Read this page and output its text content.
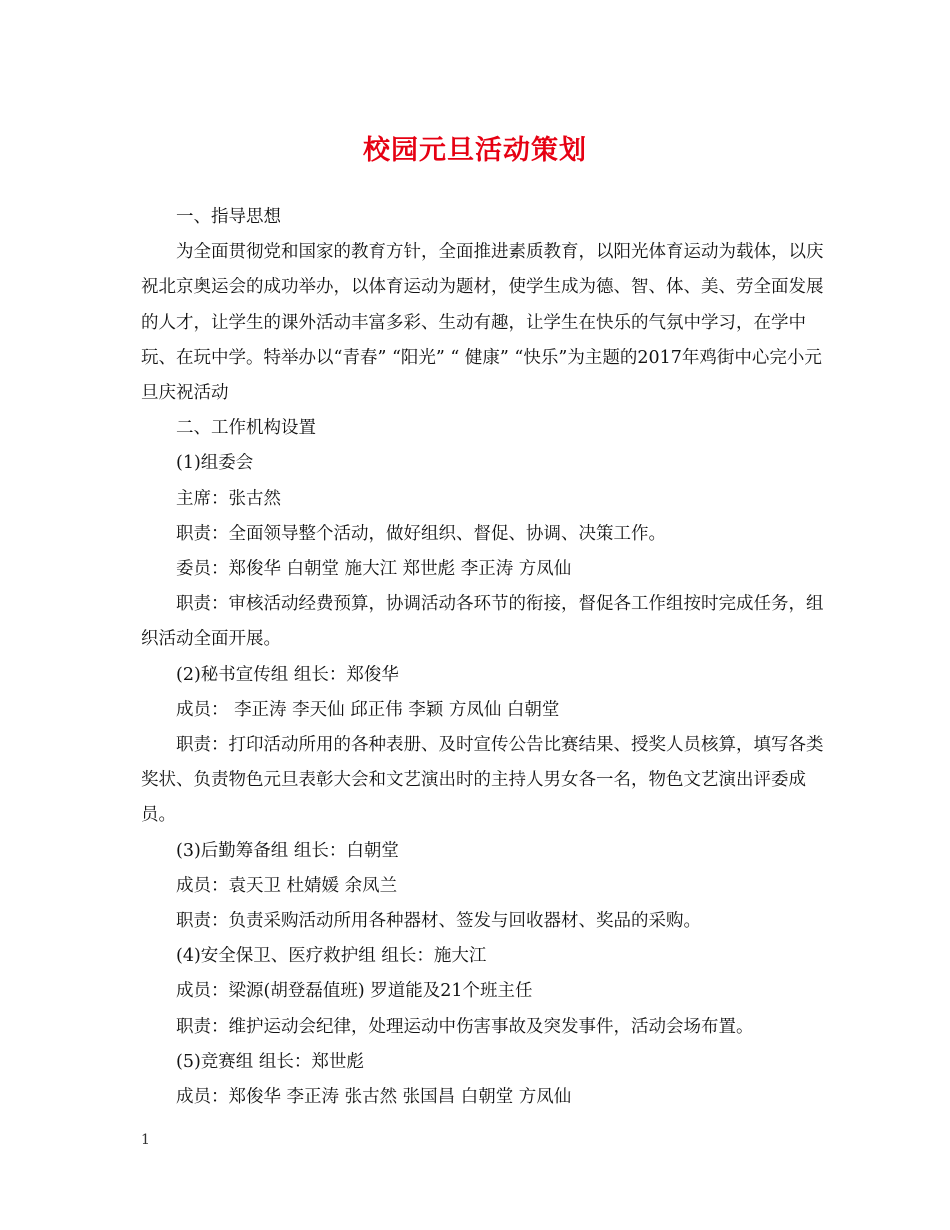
校园元旦活动策划

一、指导思想

为全面贯彻党和国家的教育方针，全面推进素质教育，以阳光体育运动为载体，以庆祝北京奥运会的成功举办，以体育运动为题材，使学生成为德、智、体、美、劳全面发展的人才，让学生的课外活动丰富多彩、生动有趣，让学生在快乐的气氛中学习，在学中玩、在玩中学。特举办以“青春” “阳光” “ 健康” “快乐”为主题的2017年鸡街中心完小元旦庆祝活动

二、工作机构设置

(1)组委会

主席：张古然

职责：全面领导整个活动，做好组织、督促、协调、决策工作。

委员：郑俊华 白朝堂 施大江 郑世彪 李正涛 方凤仙

职责：审核活动经费预算，协调活动各环节的衔接，督促各工作组按时完成任务，组织活动全面开展。

(2)秘书宣传组 组长：郑俊华

成员： 李正涛 李天仙 邱正伟 李颖 方凤仙 白朝堂

职责：打印活动所用的各种表册、及时宣传公告比赛结果、授奖人员核算，填写各类奖状、负责物色元旦表彰大会和文艺演出时的主持人男女各一名，物色文艺演出评委成员。

(3)后勤筹备组 组长：白朝堂

成员：袁天卫 杜婧媛 余凤兰

职责：负责采购活动所用各种器材、签发与回收器材、奖品的采购。

(4)安全保卫、医疗救护组 组长：施大江

成员：梁源(胡登磊值班) 罗道能及21个班主任

职责：维护运动会纪律，处理运动中伤害事故及突发事件，活动会场布置。

(5)竞赛组 组长：郑世彪

成员：郑俊华 李正涛 张古然 张国昌 白朝堂 方凤仙

1
